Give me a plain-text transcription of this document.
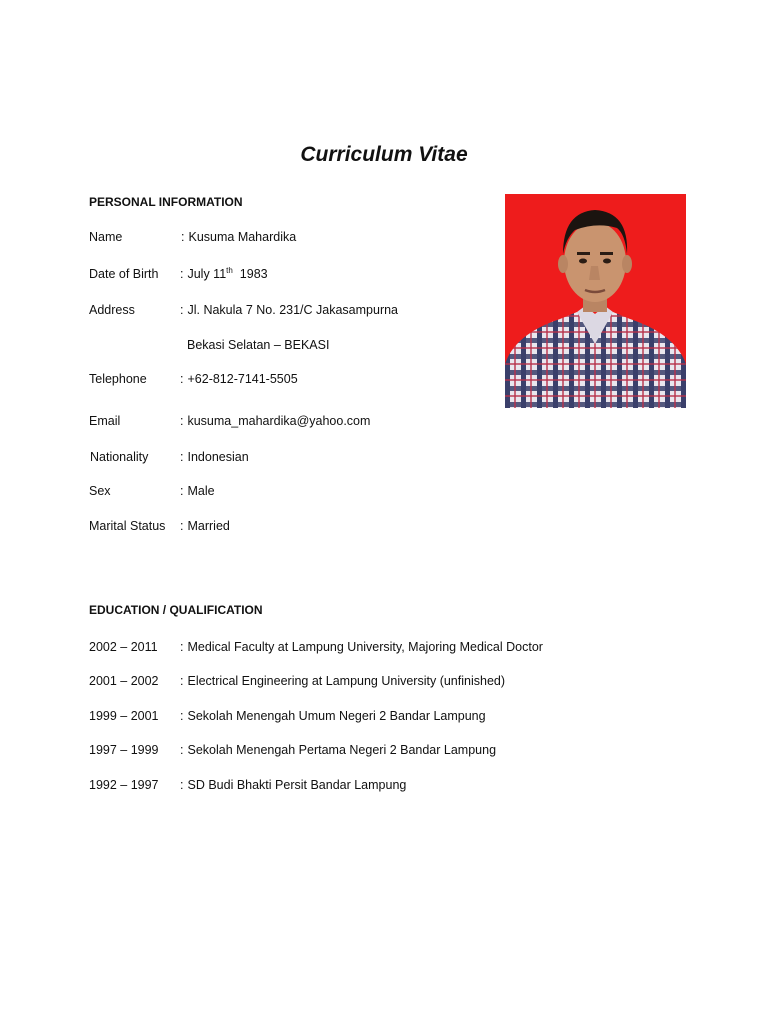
Curriculum Vitae
PERSONAL INFORMATION
Name	: Kusuma Mahardika
Date of Birth : July 11th 1983
Address	: Jl. Nakula 7 No. 231/C Jakasampurna
Bekasi Selatan – BEKASI
Telephone	: +62-812-7141-5505
Email	: kusuma_mahardika@yahoo.com
Nationality	: Indonesian
Sex	: Male
Marital Status : Married
EDUCATION / QUALIFICATION
2002 – 2011 : Medical Faculty at Lampung University, Majoring Medical Doctor
2001 – 2002 : Electrical Engineering at Lampung University (unfinished)
1999 – 2001 : Sekolah Menengah Umum Negeri 2 Bandar Lampung
1997 – 1999 : Sekolah Menengah Pertama Negeri 2 Bandar Lampung
1992 – 1997 : SD Budi Bhakti Persit Bandar Lampung
